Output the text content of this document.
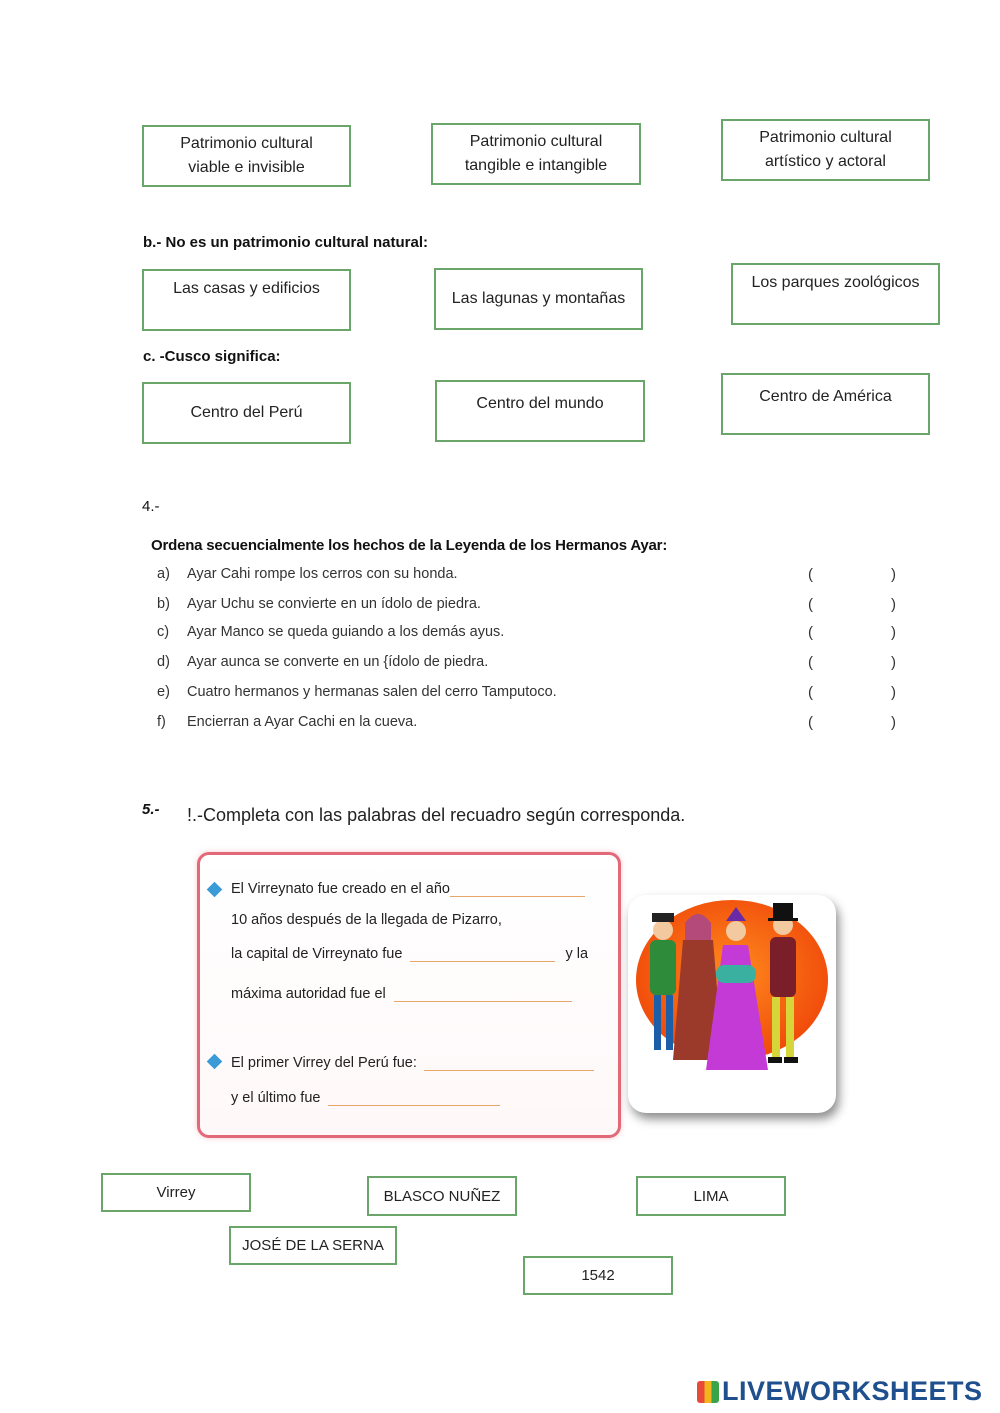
Patrimonio cultural viable e invisible
Patrimonio cultural tangible e intangible
Patrimonio cultural artístico y actoral
b.- No es un patrimonio cultural natural:
Las casas y edificios
Las lagunas y montañas
Los parques zoológicos
c. -Cusco significa:
Centro del Perú
Centro del mundo	Centro de América
4.-
Ordena secuencialmente los hechos de la Leyenda de los Hermanos Ayar:
a) Ayar Cahi rompe los cerros con su honda.	(	)
b) Ayar Uchu se convierte en un ídolo de piedra.	(	)
c) Ayar Manco se queda guiando a los demás ayus.	(	)
d) Ayar aunca se converte en un {ídolo de piedra.	(	)
e) Cuatro hermanos y hermanas salen del cerro Tamputoco.	(	)
f) Encierran a Ayar Cachi en la cueva.	(	)
5.- !.-Completa con las palabras del recuadro según corresponda.
El Virreynato fue creado en el año
10 años después de la llegada de Pizarro,
la capital de Virreynato fue	y la
máxima autoridad fue el
El primer Virrey del Perú fue:
y el último fue
Virrey	BLASCO NUÑEZ	LIMA
JOSÉ DE LA SERNA
1542
LIVEWORKSHEETS
